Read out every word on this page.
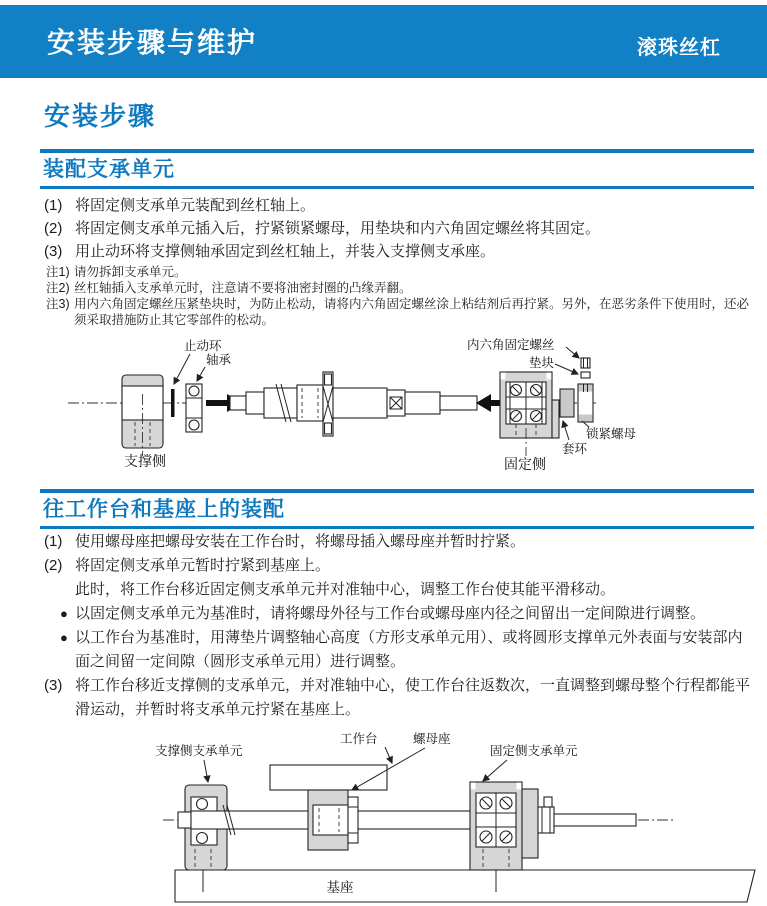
安装步骤与维护	滚珠丝杠
安装步骤
装配支承单元
(1) 将固定侧支承单元装配到丝杠轴上。
(2) 将固定侧支承单元插入后，拧紧锁紧螺母，用垫块和内六角固定螺丝将其固定。
(3) 用止动环将支撑侧轴承固定到丝杠轴上，并装入支撑侧支承座。
注1) 请勿拆卸支承单元。
注2) 丝杠轴插入支承单元时，注意请不要将油密封圈的凸缘弄翻。
注3) 用内六角固定螺丝压紧垫块时，为防止松动，请将内六角固定螺丝涂上粘结剂后再拧紧。另外，在恶劣条件下使用时，还必须采取措施防止其它零部件的松动。
止动环
轴承
内六角固定螺丝
垫块
锁紧螺母
套环
支撑侧	固定侧
往工作台和基座上的装配
(1) 使用螺母座把螺母安装在工作台时，将螺母插入螺母座并暂时拧紧。
(2) 将固定侧支承单元暂时拧紧到基座上。
此时，将工作台移近固定侧支承单元并对准轴中心，调整工作台使其能平滑移动。
● 以固定侧支承单元为基准时，请将螺母外径与工作台或螺母座内径之间留出一定间隙进行调整。
● 以工作台为基准时，用薄垫片调整轴心高度（方形支承单元用）、或将圆形支撑单元外表面与安装部内面之间留一定间隙（圆形支承单元用）进行调整。
(3) 将工作台移近支撑侧的支承单元，并对准轴中心，使工作台往返数次，一直调整到螺母整个行程都能平滑运动，并暂时将支承单元拧紧在基座上。
支撑侧支承单元
工作台	螺母座
固定侧支承单元
基座
